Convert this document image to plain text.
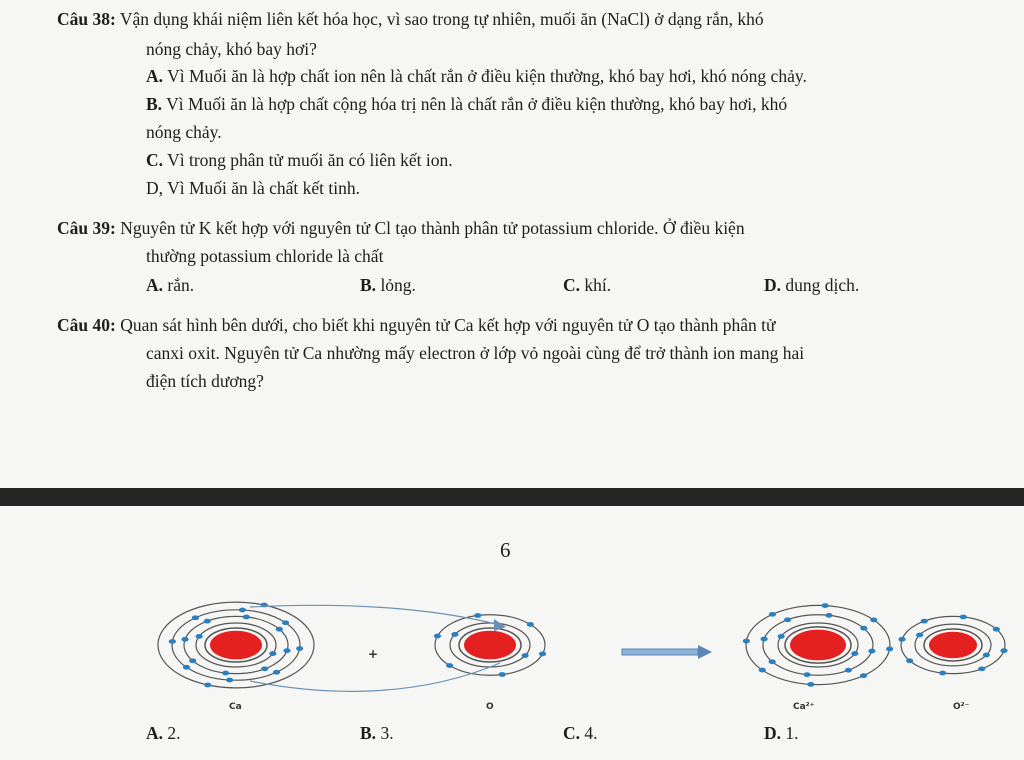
Câu 38: Vận dụng khái niệm liên kết hóa học, vì sao trong tự nhiên, muối ăn (NaCl) ở dạng rắn, khó
nóng chảy, khó bay hơi?
A. Vì Muối ăn là hợp chất ion nên là chất rắn ở điều kiện thường, khó bay hơi, khó nóng chảy.
B. Vì Muối ăn là hợp chất cộng hóa trị nên là chất rắn ở điều kiện thường, khó bay hơi, khó
nóng chảy.
C. Vì trong phân tử muối ăn có liên kết ion.
D, Vì Muối ăn là chất kết tinh.
Câu 39: Nguyên tử K kết hợp với nguyên tử Cl tạo thành phân tử potassium chloride. Ở điều kiện
thường potassium chloride là chất
A. rắn.	B. lỏng.	C. khí.	D. dung dịch.
Câu 40: Quan sát hình bên dưới, cho biết khi nguyên tử Ca kết hợp với nguyên tử O tạo thành phân tử
canxi oxit. Nguyên tử Ca nhường mấy electron ở lớp vỏ ngoài cùng để trở thành ion mang hai
điện tích dương?
6
+
Ca	O	Ca²⁺	O²⁻
A. 2.	B. 3.	C. 4.	D. 1.
